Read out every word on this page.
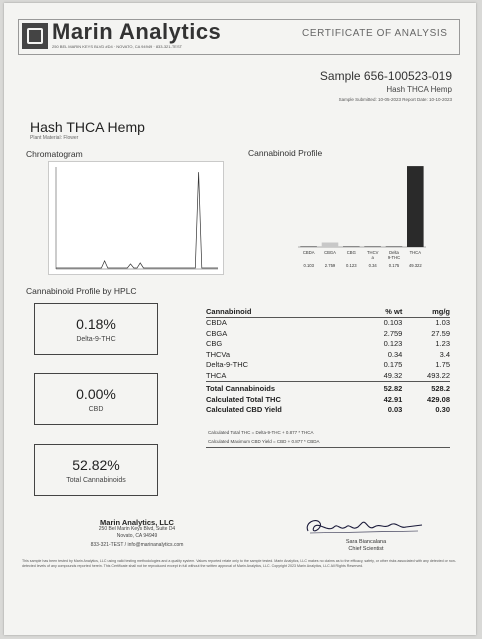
Marin Analytics
250 BEL MARIN KEYS BLVD #D4 · NOVATO, CA 94949 · 833-321-TEST
CERTIFICATE OF ANALYSIS
Sample 656-100523-019
Hash THCA Hemp
Sample Submitted: 10-05-2023 Report Date: 10-10-2023
Hash THCA Hemp
Plant Material: Flower
Chromatogram	Cannabinoid Profile
CBDA
0.103
CBGA
2.759
CBG
0.123
THCV
a
0.34
Delta
9-THC
0.175
THCA
49.322
Cannabinoid Profile by HPLC
0.18%
Delta-9-THC
0.00%
CBD
52.82%
Total Cannabinoids
Cannabinoid	% wt	mg/g
CBDA	0.103	1.03
CBGA	2.759	27.59
CBG	0.123	1.23
THCVa	0.34	3.4
Delta-9-THC	0.175	1.75
THCA	49.32	493.22
Total Cannabinoids	52.82	528.2
Calculated Total THC	42.91	429.08
Calculated CBD Yield	0.03	0.30
Calculated Total THC = Delta-9-THC + 0.877 * THCA
Calculated Maximum CBD Yield = CBD + 0.877 * CBDA
Marin Analytics, LLC
250 Bel Marin Keys Blvd, Suite D4
Novato, CA 94949
833-321-TEST / info@marinanalytics.com	Sara Biancalana
Chief Scientist
This sample has been tested by Marin Analytics, LLC using valid testing methodologies and a quality system. Values reported relate only to the sample tested. Marin Analytics, LLC makes no claims as to the efficacy, safety, or other risks associated with any detected or non-detected levels of any compounds reported herein. This Certificate shall not be reproduced except in full without the written approval of Marin Analytics, LLC. Copyright 2023 Marin Analytics, LLC All Rights Reserved.
